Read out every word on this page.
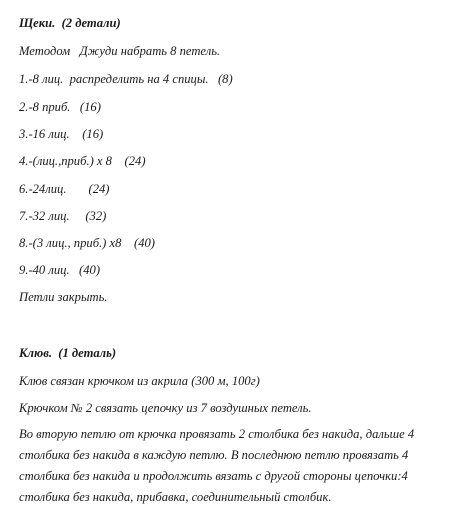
Щеки.  (2 детали)
Методом   Джуди набрать 8 петель.
1.-8 лиц.  распределить на 4 спицы.   (8)
2.-8 приб.   (16)
3.-16 лиц.    (16)
4.-(лиц.,приб.) х 8    (24)
6.-24лиц.       (24)
7.-32 лиц.     (32)
8.-(3 лиц., приб.) х8    (40)
9.-40 лиц.   (40)
Петли закрыть.
Клюв.  (1 деталь)
Клюв связан крючком из акрила (300 м, 100г)
Крючком № 2 связать цепочку из 7 воздушных петель.
Во вторую петлю от крючка провязать 2 столбика без накида, дальше 4
столбика без накида в каждую петлю. В последнюю петлю провязать 4
столбика без накида и продолжить вязать с другой стороны цепочки:4
столбика без накида, прибавка, соединительный столбик.
